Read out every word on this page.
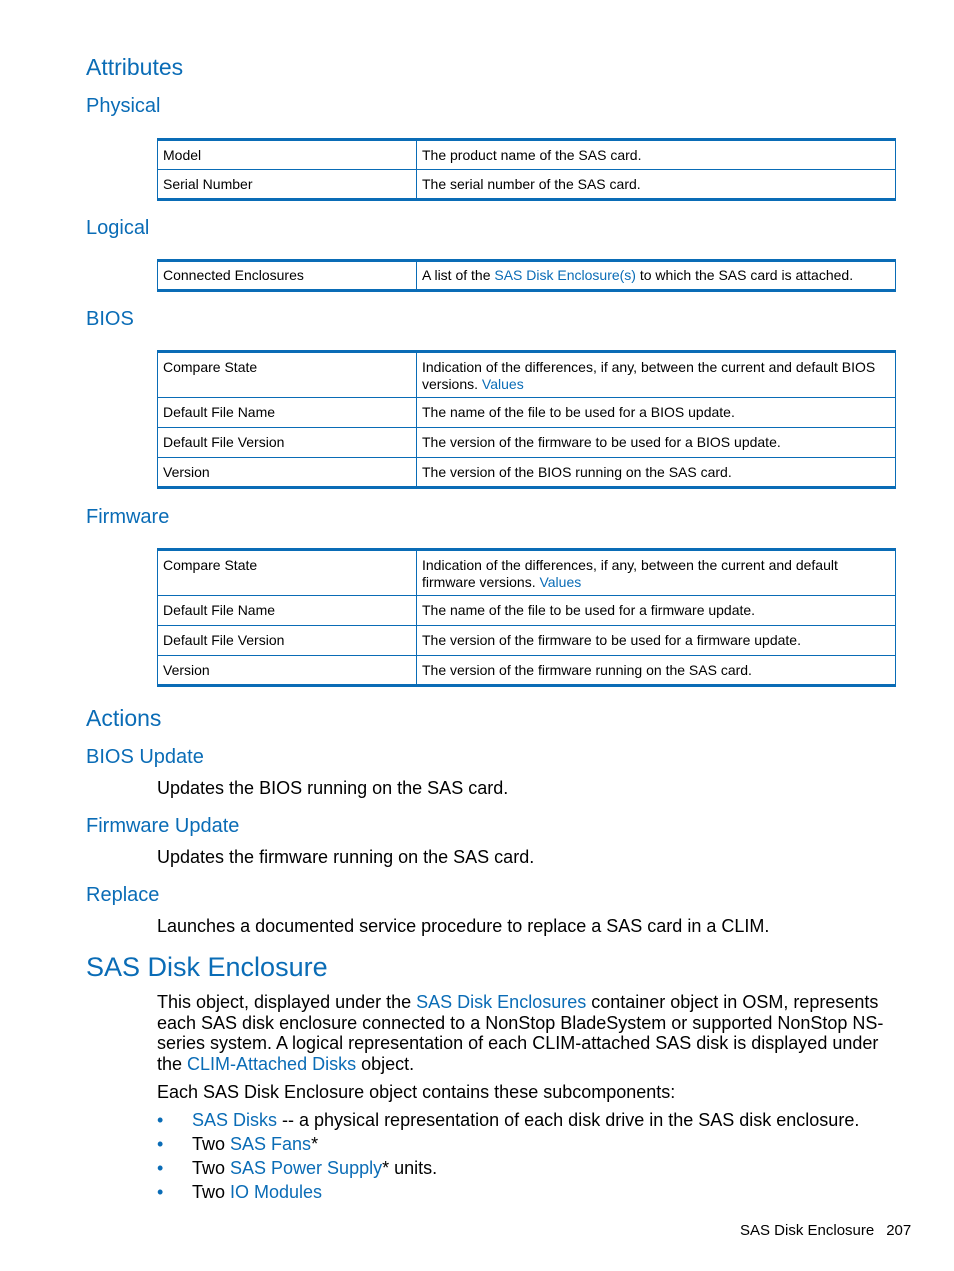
Attributes
Physical
Model	The product name of the SAS card.
Serial Number	The serial number of the SAS card.
Logical
Connected Enclosures	A list of the SAS Disk Enclosure(s) to which the SAS card is attached.
BIOS
Compare State	Indication of the differences, if any, between the current and default BIOS versions. Values
Default File Name	The name of the file to be used for a BIOS update.
Default File Version	The version of the firmware to be used for a BIOS update.
Version	The version of the BIOS running on the SAS card.
Firmware
Compare State	Indication of the differences, if any, between the current and default firmware versions. Values
Default File Name	The name of the file to be used for a firmware update.
Default File Version	The version of the firmware to be used for a firmware update.
Version	The version of the firmware running on the SAS card.
Actions
BIOS Update

Updates the BIOS running on the SAS card.

Firmware Update

Updates the firmware running on the SAS card.

Replace

Launches a documented service procedure to replace a SAS card in a CLIM.

SAS Disk Enclosure

This object, displayed under the SAS Disk Enclosures container object in OSM, represents each SAS disk enclosure connected to a NonStop BladeSystem or supported NonStop NS-series system. A logical representation of each CLIM-attached SAS disk is displayed under the CLIM-Attached Disks object.

Each SAS Disk Enclosure object contains these subcomponents:

• SAS Disks -- a physical representation of each disk drive in the SAS disk enclosure.
• Two SAS Fans*
• Two SAS Power Supply* units.
• Two IO Modules
SAS Disk Enclosure 207
